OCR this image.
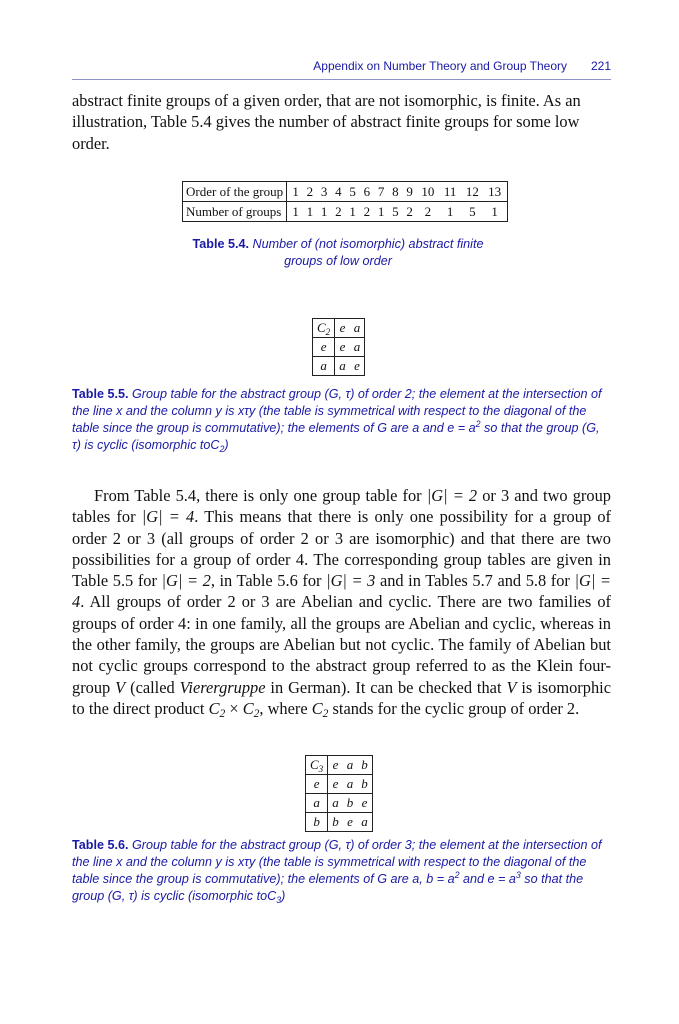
Appendix on Number Theory and Group Theory 221
abstract finite groups of a given order, that are not isomorphic, is finite. As an
illustration, Table 5.4 gives the number of abstract finite groups for some low
order.
Order of the group	1 2 3 4 5 6 7 8 9 10 11 12 13
Number of groups	1 1 1 2 1 2 1 5 2 2 1 5 1
Table 5.4. Number of (not isomorphic) abstract finite
groups of low order
$C_2$	e	a
e	e	a
a	a	e
Table 5.5. Group table for the abstract group (G, τ) of order 2; the element at the intersection of the line x and the column y is xτy (the table is symmetrical with respect to the diagonal of the table since the group is commutative); the elements of G are a and $e = a^2$ so that the group (G, τ) is cyclic (isomorphic toC$_2$)
From Table 5.4, there is only one group table for |G| = 2 or 3 and two group tables for |G| = 4. This means that there is only one possibility for a group of order 2 or 3 (all groups of order 2 or 3 are isomorphic) and that there are two possibilities for a group of order 4. The corresponding group tables are given in Table 5.5 for |G| = 2, in Table 5.6 for |G| = 3 and in Tables 5.7 and 5.8 for |G| = 4. All groups of order 2 or 3 are Abelian and cyclic. There are two families of groups of order 4: in one family, all the groups are Abelian and cyclic, whereas in the other family, the groups are Abelian but not cyclic. The family of Abelian but not cyclic groups correspond to the abstract group referred to as the Klein four-group V (called Vierergruppe in German). It can be checked that V is isomorphic to the direct product $C_2 \times C_2$, where $C_2$ stands for the cyclic group of order 2.
$C_3$	e	a	b
e	e	a	b
a	a	b	e
b	b	e	a
Table 5.6. Group table for the abstract group (G, τ) of order 3; the element at the intersection of the line x and the column y is xτy (the table is symmetrical with respect to the diagonal of the table since the group is commutative); the elements of G are a, $b = a^2$ and $e = a^3$ so that the group (G, τ) is cyclic (isomorphic toC$_3$)
